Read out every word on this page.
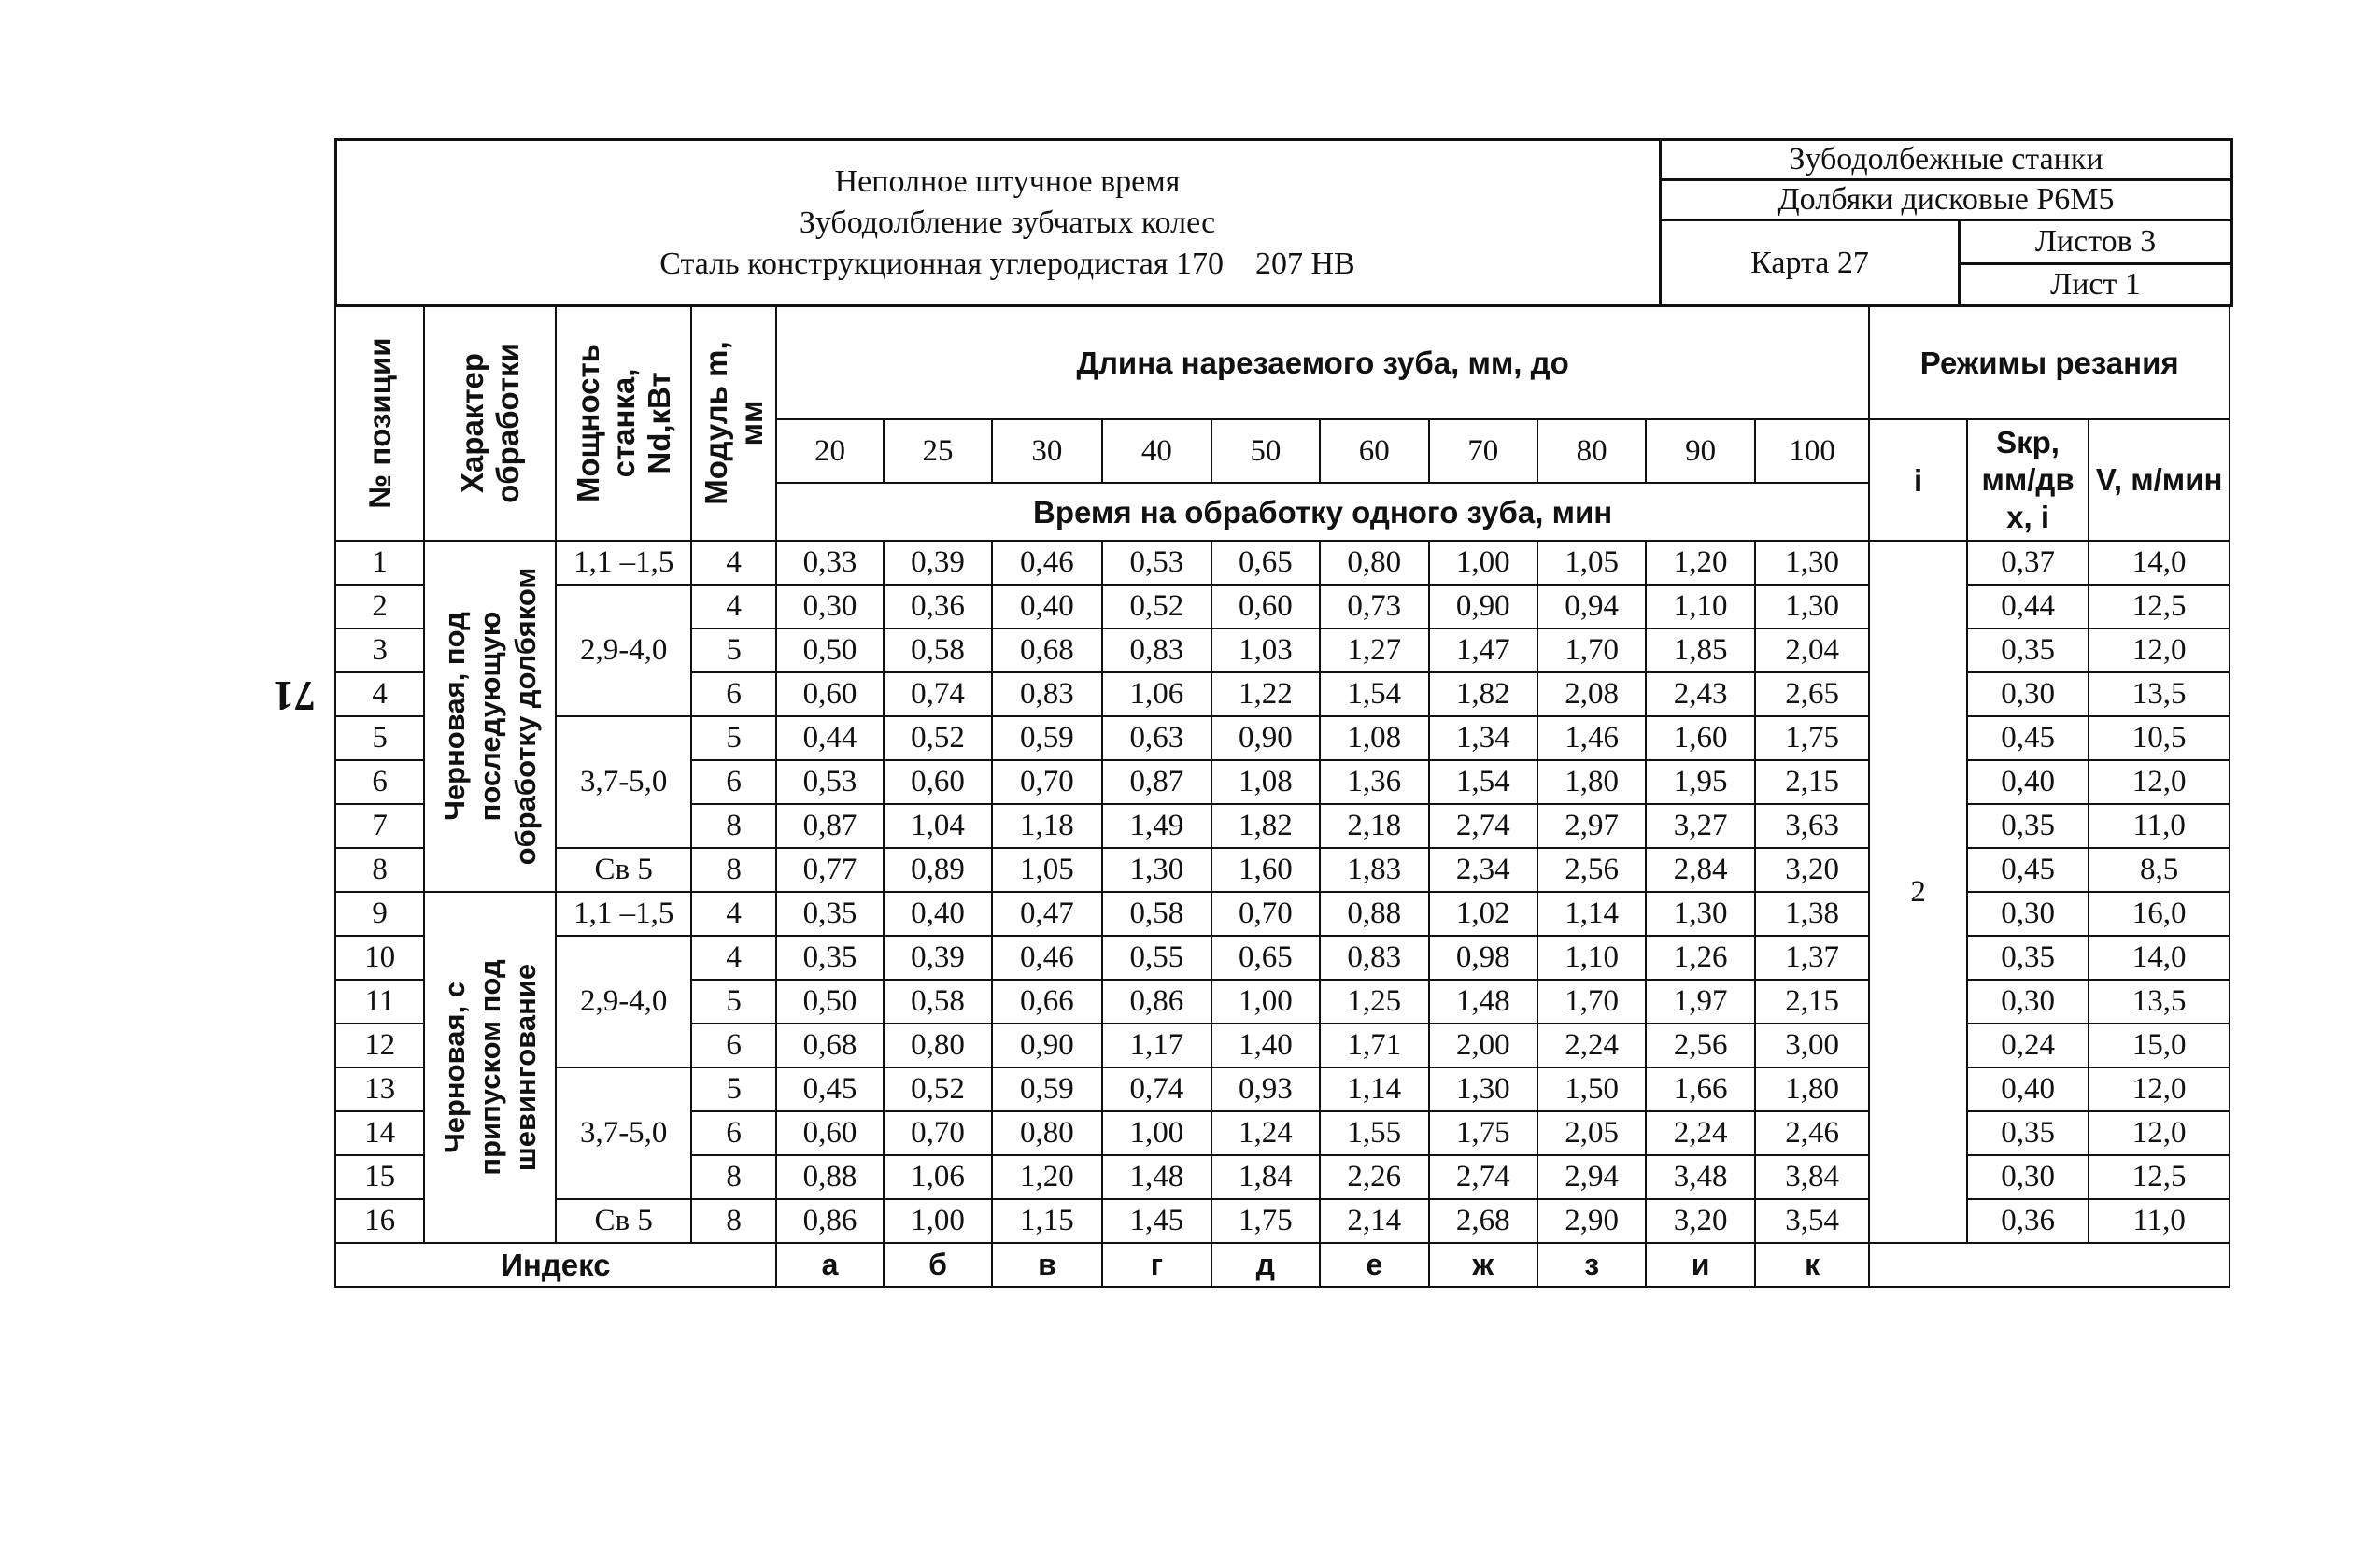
71
Неполное штучное время
Зубодолбление зубчатых колес
Сталь конструкционная углеродистая 170    207 НВ	Зубодолбежные станки	
	Долбяки дисковые Р6М5	
	Карта 27	Листов 3
		Лист 1
№ позиции	Характер обработки	Мощность станка, Nd,кВт	Модуль m, мм	Длина нарезаемого зуба, мм, до										Режимы резания		
				20	25	30	40	50	60	70	80	90	100	i	Sкр, мм/дв х, i	V, м/мин
				Время на обработку одного зуба, мин												
1	Черновая, под последующую обработку долбяком	1,1 –1,5	4	0,33	0,39	0,46	0,53	0,65	0,80	1,00	1,05	1,20	1,30	2	0,37	14,0
2		2,9-4,0	4	0,30	0,36	0,40	0,52	0,60	0,73	0,90	0,94	1,10	1,30		0,44	12,5
3			5	0,50	0,58	0,68	0,83	1,03	1,27	1,47	1,70	1,85	2,04		0,35	12,0
4			6	0,60	0,74	0,83	1,06	1,22	1,54	1,82	2,08	2,43	2,65		0,30	13,5
5		3,7-5,0	5	0,44	0,52	0,59	0,63	0,90	1,08	1,34	1,46	1,60	1,75		0,45	10,5
6			6	0,53	0,60	0,70	0,87	1,08	1,36	1,54	1,80	1,95	2,15		0,40	12,0
7			8	0,87	1,04	1,18	1,49	1,82	2,18	2,74	2,97	3,27	3,63		0,35	11,0
8		Св 5	8	0,77	0,89	1,05	1,30	1,60	1,83	2,34	2,56	2,84	3,20		0,45	8,5
9	Черновая, с припуском под шевингование	1,1 –1,5	4	0,35	0,40	0,47	0,58	0,70	0,88	1,02	1,14	1,30	1,38		0,30	16,0
10		2,9-4,0	4	0,35	0,39	0,46	0,55	0,65	0,83	0,98	1,10	1,26	1,37		0,35	14,0
11			5	0,50	0,58	0,66	0,86	1,00	1,25	1,48	1,70	1,97	2,15		0,30	13,5
12			6	0,68	0,80	0,90	1,17	1,40	1,71	2,00	2,24	2,56	3,00		0,24	15,0
13		3,7-5,0	5	0,45	0,52	0,59	0,74	0,93	1,14	1,30	1,50	1,66	1,80		0,40	12,0
14			6	0,60	0,70	0,80	1,00	1,24	1,55	1,75	2,05	2,24	2,46		0,35	12,0
15			8	0,88	1,06	1,20	1,48	1,84	2,26	2,74	2,94	3,48	3,84		0,30	12,5
16		Св 5	8	0,86	1,00	1,15	1,45	1,75	2,14	2,68	2,90	3,20	3,54		0,36	11,0
Индекс				а	б	в	г	д	е	ж	з	и	к			
